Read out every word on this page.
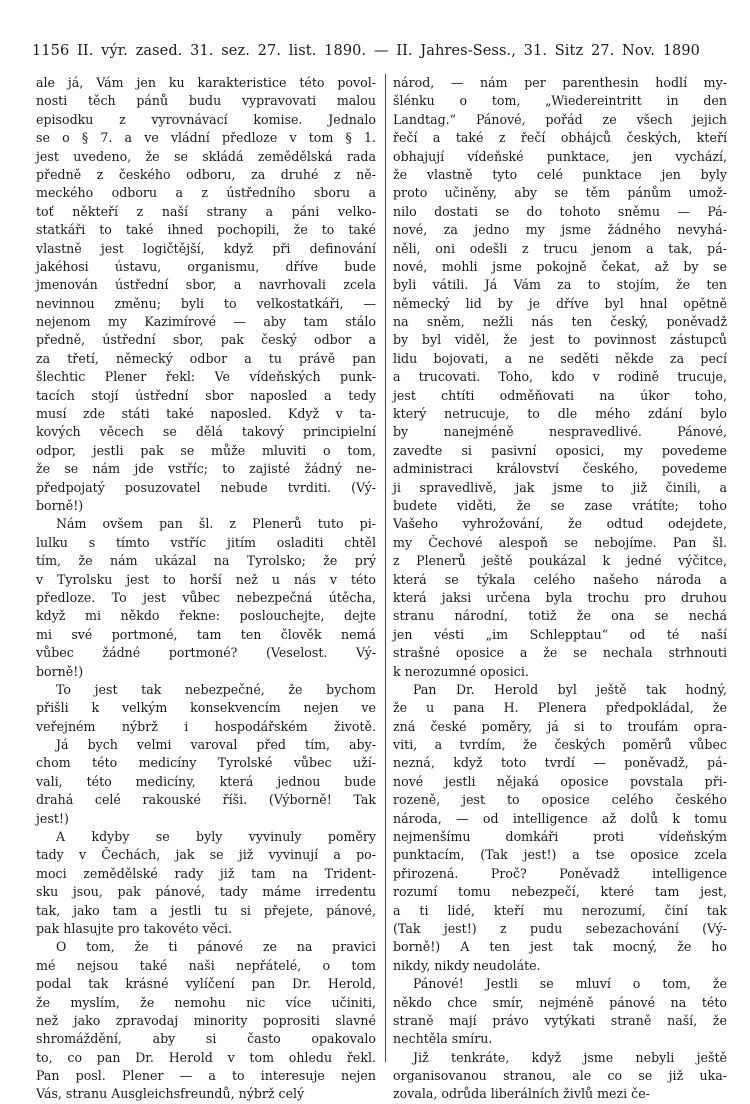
1156 II. výr. zased. 31. sez. 27. list. 1890. — II. Jahres-Sess., 31. Sitz 27. Nov. 1890
ale já, Vám jen ku karakteristice této povol-
nosti těch pánů budu vypravovati malou
episodku z vyrovnávací komise. Jednalo
se o § 7. a ve vládní předloze v tom § 1.
jest uvedeno, že se skládá zemědělská rada
předně z českého odboru, za druhé z ně-
meckého odboru a z ústředního sboru a
toť někteří z naší strany a páni velko-
statkáři to také ihned pochopili, že to také
vlastně jest logičtější, když při definování
jakéhosi ústavu, organismu, dříve bude
jmenován ústřední sbor, a navrhovali zcela
nevinnou změnu; byli to velkostatkáři, —
nejenom my Kazimírové — aby tam stálo
předně, ústřední sbor, pak český odbor a
za třetí, německý odbor a tu právě pan
šlechtic Plener řekl: Ve vídeňských punk-
tacích stojí ústřední sbor naposled a tedy
musí zde státi také naposled. Když v ta-
kových věcech se dělá takový principielní
odpor, jestli pak se může mluviti o tom,
že se nám jde vstříc; to zajisté žádný ne-
předpojatý posuzovatel nebude tvrditi. (Vý-
borně!)
Nám ovšem pan šl. z Plenerů tuto pi-
lulku s tímto vstříc jitím osladiti chtěl
tím, že nám ukázal na Tyrolsko; že prý
v Tyrolsku jest to horší než u nás v této
předloze. To jest vůbec nebezpečná útěcha,
když mi někdo řekne: poslouchejte, dejte
mi své portmoné, tam ten člověk nemá
vůbec žádné portmoné? (Veselost. Vý-
borně!)
To jest tak nebezpečné, že bychom
přišli k velkým konsekvencím nejen ve
veřejném nýbrž i hospodářském životě.
Já bych velmi varoval před tím, aby-
chom této medicíny Tyrolské vůbec uží-
vali, této medicíny, která jednou bude
drahá celé rakouské říši. (Výborně! Tak
jest!)
A kdyby se byly vyvinuly poměry
tady v Čechách, jak se již vyvinují a po-
moci zemědělské rady již tam na Trident-
sku jsou, pak pánové, tady máme irredentu
tak, jako tam a jestli tu si přejete, pánové,
pak hlasujte pro takovéto věci.
O tom, že ti pánové ze na pravici
mé nejsou také naši nepřátelé, o tom
podal tak krásné vylíčení pan Dr. Herold,
že myslím, že nemohu nic více učiniti,
než jako zpravodaj minority poprositi slavné
shromáždění, aby si často opakovalo
to, co pan Dr. Herold v tom ohledu řekl.
Pan posl. Plener — a to interesuje nejen
Vás, stranu Ausgleichsfreundů, nýbrž celý
národ, — nám per parenthesin hodlí my-
šlénku o tom, „Wiedereintritt in den
Landtag.“ Pánové, pořád ze všech jejich
řečí a také z řečí obhájců českých, kteří
obhajují vídeňské punktace, jen vychází,
že vlastně tyto celé punktace jen byly
proto učiněny, aby se těm pánům umož-
nilo dostati se do tohoto sněmu — Pá-
nové, za jedno my jsme žádného nevyhá-
něli, oni odešli z trucu jenom a tak, pá-
nové, mohli jsme pokojně čekat, až by se
byli vátili. Já Vám za to stojím, že ten
německý lid by je dříve byl hnal opětně
na sněm, nežli nás ten český, poněvadž
by byl viděl, že jest to povinnost zástupců
lidu bojovati, a ne seděti někde za pecí
a trucovati. Toho, kdo v rodině trucuje,
jest chtíti odměňovati na úkor toho,
který netrucuje, to dle mého zdání bylo
by nanejméně nespravedlivé. Pánové,
zavedte si pasivní oposici, my povedeme
administraci království českého, povedeme
ji spravedlivě, jak jsme to již činili, a
budete viděti, že se zase vrátíte; toho
Vašeho vyhrožování, že odtud odejdete,
my Čechové alespoň se nebojíme. Pan šl.
z Plenerů ještě poukázal k jedné výčitce,
která se týkala celého našeho národa a
která jaksi určena byla trochu pro druhou
stranu národní, totiž že ona se nechá
jen vésti „im Schlepptau“ od té naší
strašné oposice a že se nechala strhnouti
k nerozumné oposici.
Pan Dr. Herold byl ještě tak hodný,
že u pana H. Plenera předpokládal, že
zná české poměry, já si to troufám opra-
viti, a tvrdím, že českých poměrů vůbec
nezná, když toto tvrdí — poněvadž, pá-
nové jestli nějaká oposice povstala při-
rozeně, jest to oposice celého českého
národa, — od intelligence až dolů k tomu
nejmenšímu domkáři proti vídeňským
punktacím, (Tak jest!) a tse oposice zcela
přirozená. Proč? Poněvadž intelligence
rozumí tomu nebezpečí, které tam jest,
a ti lidé, kteří mu nerozumí, činí tak
(Tak jest!) z pudu sebezachování (Vý-
borně!) A ten jest tak mocný, že ho
nikdy, nikdy neudoláte.
Pánové! Jestli se mluví o tom, že
někdo chce smír, nejméně pánové na této
straně mají právo vytýkati straně naší, že
nechtěla smíru.
Již tenkráte, když jsme nebyli ještě
organisovanou stranou, ale co se již uka-
zovala, odrůda liberálních živlů mezi če-
